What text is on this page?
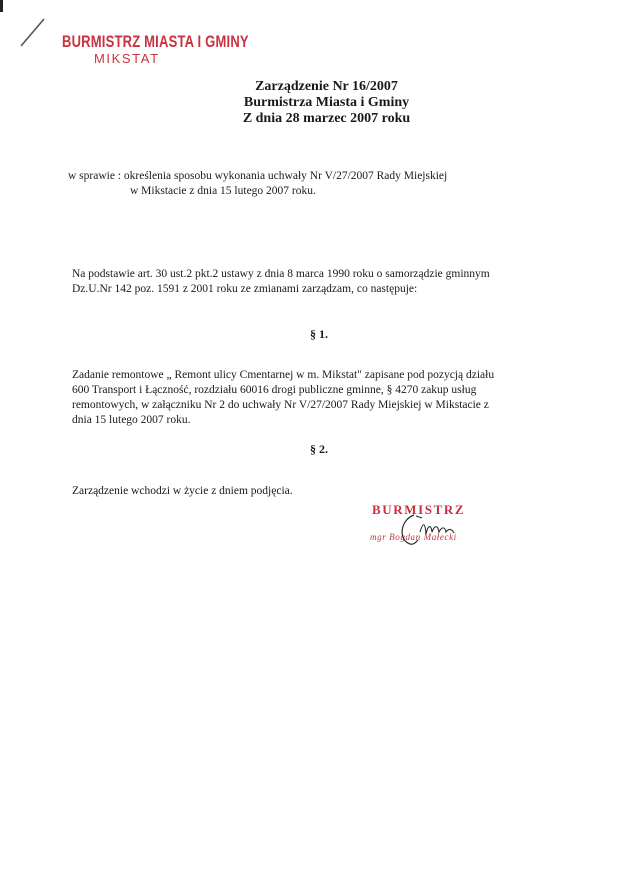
BURMISTRZ MIASTA I GMINY
MIKSTAT
Zarządzenie Nr 16/2007
Burmistrza Miasta i Gminy
Z dnia 28 marzec 2007 roku
w sprawie : określenia sposobu wykonania uchwały Nr V/27/2007 Rady Miejskiej
w Mikstacie z dnia 15 lutego 2007 roku.
Na podstawie art. 30 ust.2 pkt.2 ustawy z dnia 8 marca 1990 roku o samorządzie gminnym
Dz.U.Nr 142 poz. 1591 z 2001 roku ze zmianami zarządzam, co następuje:
§ 1.
Zadanie remontowe „ Remont ulicy Cmentarnej w m. Mikstat" zapisane pod pozycją działu
600 Transport i Łączność, rozdziału 60016 drogi publiczne gminne, § 4270 zakup usług
remontowych, w załączniku Nr 2 do uchwały Nr V/27/2007 Rady Miejskiej w Mikstacie z
dnia 15 lutego 2007 roku.
§ 2.
Zarządzenie wchodzi w życie z dniem podjęcia.
BURMISTRZ
mgr Bogdan Małecki
